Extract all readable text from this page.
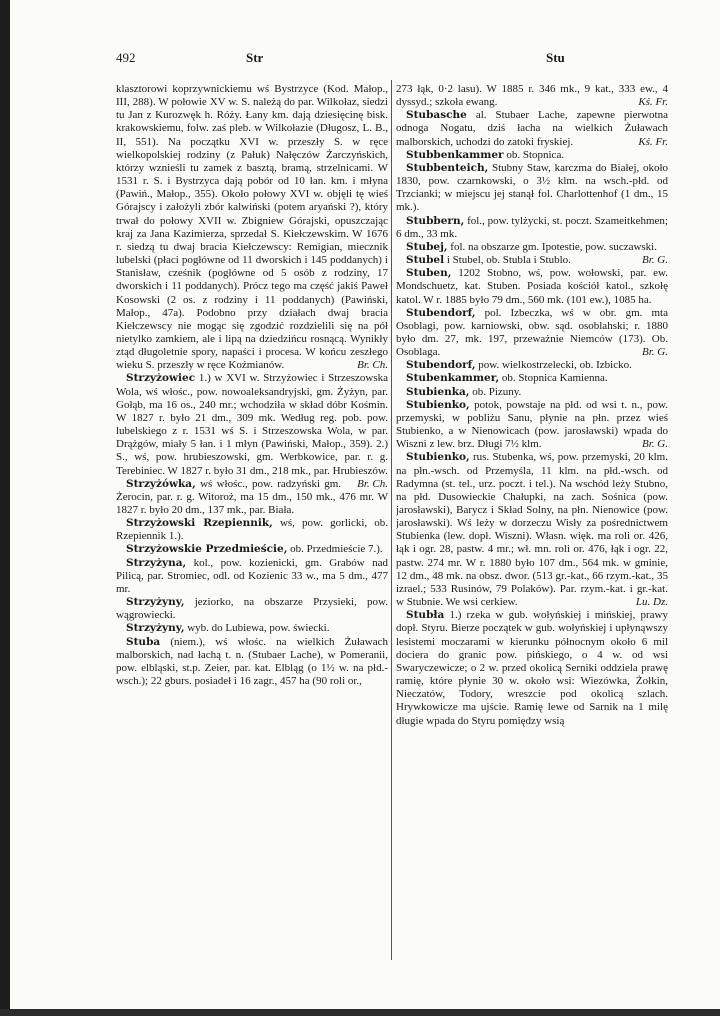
492	Str	Stu

klasztorowi koprzywnickiemu wś Bystrzyce (Kod. Małop., III, 288). W połowie XV w. S. należą do par. Wilkołaz, siedzi tu Jan z Kurozwęk h. Róży. Łany km. dają dziesięcinę bisk. krakowskiemu, folw. zaś pleb. w Wilkołazie (Długosz, L. B., II, 551). Na początku XVI w. przeszły S. w ręce wielkopolskiej rodziny (z Pałuk) Nałęczów Żarczyńskich, którzy wznieśli tu zamek z basztą, bramą, strzelnicami. W 1531 r. S. i Bystrzyca dają pobór od 10 łan. km. i młyna (Pawiń., Małop., 355). Około połowy XVI w. objęli tę wieś Górajscy i założyli zbór kalwiński (potem aryański ?), który trwał do połowy XVII w. Zbigniew Górajski, opuszczając kraj za Jana Kazimierza, sprzedał S. Kiełczewskim. W 1676 r. siedzą tu dwaj bracia Kiełczewscy: Remigian, miecznik lubelski (płaci pogłówne od 11 dworskich i 145 poddanych) i Stanisław, cześnik (pogłówne od 5 osób z rodziny, 17 dworskich i 11 poddanych). Prócz tego ma część jakiś Paweł Kosowski (2 os. z rodziny i 11 poddanych) (Pawiński, Małop., 47a). Podobno przy działach dwaj bracia Kiełczewscy nie mogąc się zgodzić rozdzielili się na pół nietylko zamkiem, ale i lipą na dziedzińcu rosnącą. Wynikły ztąd długoletnie spory, napaści i procesa. W końcu zeszłego wieku S. przeszły w ręce Koźmianów.	Br. Ch.

Strzyżowiec 1.) w XVI w. Strzyżowiec i Strzeszowska Wola, wś włośc., pow. nowoaleksandryjski, gm. Żyżyn, par. Gołąb, ma 16 os., 240 mr.; wchodziła w skład dóbr Kośmin. W 1827 r. było 21 dm., 309 mk. Według reg. pob. pow. lubelskiego z r. 1531 wś S. i Strzeszowska Wola, w par. Drążgów, miały 5 łan. i 1 młyn (Pawiński, Małop., 359). 2.) S., wś, pow. hrubieszowski, gm. Werbkowice, par. r. g. Terebiniec. W 1827 r. było 31 dm., 218 mk., par. Hrubieszów.
Br. Ch.

Strzyżówka, wś włośc., pow. radzyński gm. Żerocin, par. r. g. Witoroż, ma 15 dm., 150 mk., 476 mr. W 1827 r. było 20 dm., 137 mk., par. Biała.

Strzyżowski Rzepiennik, wś, pow. gorlicki, ob. Rzepiennik 1.).

Strzyżowskie Przedmieście, ob. Przedmieście 7.).

Strzyżyna, kol., pow. kozienicki, gm. Grabów nad Pilicą, par. Stromiec, odl. od Kozienic 33 w., ma 5 dm., 477 mr.

Strzyżyny, jeziorko, na obszarze Przysieki, pow. wągrowiecki.

Strzyżyny, wyb. do Lubiewa, pow. świecki.

Stuba (niem.), wś włośc. na wielkich Żuławach malborskich, nad łachą t. n. (Stubaer Lache), w Pomeranii, pow. elbląski, st.p. Zeier, par. kat. Elbląg (o 1½ w. na płd.-wsch.); 22 gburs. posiadeł i 16 zagr., 457 ha (90 roli or.,

273 łąk, 0·2 lasu). W 1885 r. 346 mk., 9 kat., 333 ew., 4 dyssyd.; szkoła ewang.	Kś. Fr.

Stubasche al. Stubaer Lache, zapewne pierwotna odnoga Nogatu, dziś łacha na wielkich Żuławach malborskich, uchodzi do zatoki fryskiej.	Kś. Fr.

Stubbenkammer ob. Stopnica.

Stubbenteich, Stubny Staw, karczma do Białej, około 1830, pow. czarnkowski, o 3½ klm. na wsch.-płd. od Trzcianki; w miejscu jej stanął fol. Charlottenhof (1 dm., 15 mk.).

Stubbern, fol., pow. tylżycki, st. poczt. Szameitkehmen; 6 dm., 33 mk.

Stubej, fol. na obszarze gm. Ipotestie, pow. suczawski.
Br. G.

Stubel i Stubel, ob. Stubla i Stublo.

Stuben, 1202 Stobno, wś, pow. wołowski, par. ew. Mondschuetz, kat. Stuben. Posiada kościół katol., szkołę katol. W r. 1885 było 79 dm., 560 mk. (101 ew.), 1085 ha.

Stubendorf, pol. Izbeczka, wś w obr. gm. mta Osoblagi, pow. karniowski, obw. sąd. osoblahski; r. 1880 było dm. 27, mk. 197, przeważnie Niemców (173). Ob. Osoblaga.	Br. G.

Stubendorf, pow. wielkostrzelecki, ob. Izbicko.

Stubenkammer, ob. Stopnica Kamienna.

Stubienka, ob. Pizuny.

Stubienko, potok, powstaje na płd. od wsi t. n., pow. przemyski, w pobliżu Sanu, płynie na płn. przez wieś Stubienko, a w Nienowicach (pow. jarosławski) wpada do Wiszni z lew. brz. Długi 7½ klm.	Br. G.

Stubienko, rus. Stubenka, wś, pow. przemyski, 20 klm. na płn.-wsch. od Przemyśla, 11 klm. na płd.-wsch. od Radymna (st. tel., urz. poczt. i tel.). Na wschód leży Stubno, na płd. Dusowieckie Chałupki, na zach. Sośnica (pow. jarosławski), Barycz i Skład Solny, na płn. Nienowice (pow. jarosławski). Wś leży w dorzeczu Wisły za pośrednictwem Stubienka (lew. dopł. Wiszni). Własn. więk. ma roli or. 426, łąk i ogr. 28, pastw. 4 mr.; wł. mn. roli or. 476, łąk i ogr. 22, pastw. 274 mr. W r. 1880 było 107 dm., 564 mk. w gminie, 12 dm., 48 mk. na obsz. dwor. (513 gr.-kat., 66 rzym.-kat., 35 izrael.; 533 Rusinów, 79 Polaków). Par. rzym.-kat. i gr.-kat. w Stubnie. We wsi cerkiew.	Lu. Dz.

Stubła 1.) rzeka w gub. wołyńskiej i mińskiej, prawy dopł. Styru. Bierze początek w gub. wołyńskiej i upłynąwszy lesistemi moczarami w kierunku północnym około 6 mil dociera do granic pow. pińskiego, o 4 w. od wsi Swaryczewicze; o 2 w. przed okolicą Serniki oddziela prawę ramię, które płynie 30 w. około wsi: Wiezówka, Żołkin, Nieczatów, Todory, wreszcie pod okolicą szlach. Hrywkowicze ma ujście. Ramię lewe od Sarnik na 1 milę długie wpada do Styru pomiędzy wsią
